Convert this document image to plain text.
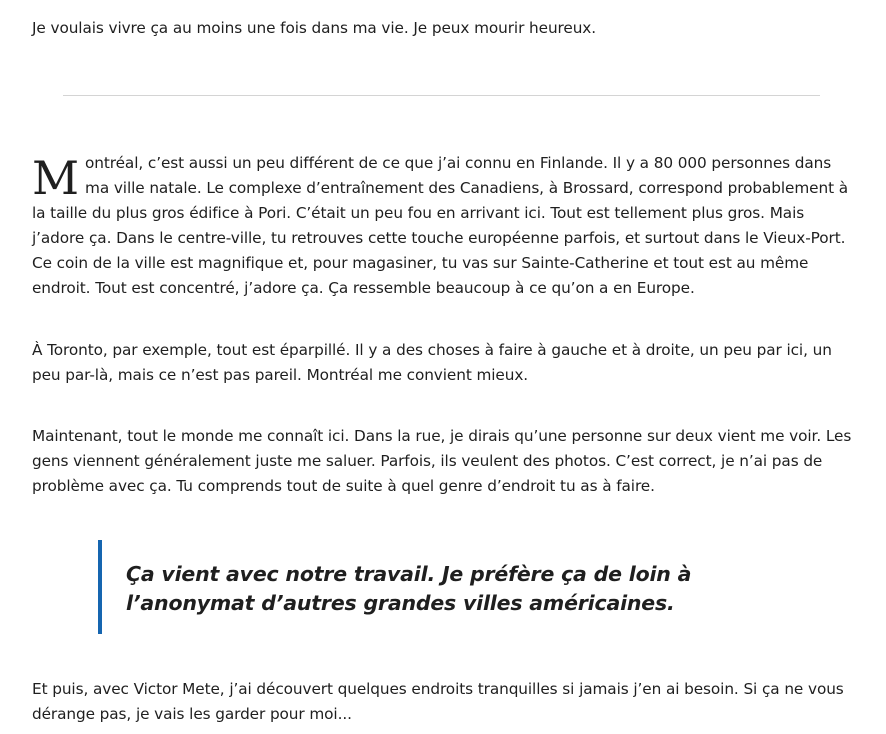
Je voulais vivre ça au moins une fois dans ma vie. Je peux mourir heureux.

Montréal, c’est aussi un peu différent de ce que j’ai connu en Finlande. Il y a 80 000 personnes dans ma ville natale. Le complexe d’entraînement des Canadiens, à Brossard, correspond probablement à la taille du plus gros édifice à Pori. C’était un peu fou en arrivant ici. Tout est tellement plus gros. Mais j’adore ça. Dans le centre-ville, tu retrouves cette touche européenne parfois, et surtout dans le Vieux-Port. Ce coin de la ville est magnifique et, pour magasiner, tu vas sur Sainte-Catherine et tout est au même endroit. Tout est concentré, j’adore ça. Ça ressemble beaucoup à ce qu’on a en Europe.

À Toronto, par exemple, tout est éparpillé. Il y a des choses à faire à gauche et à droite, un peu par ici, un peu par-là, mais ce n’est pas pareil. Montréal me convient mieux.

Maintenant, tout le monde me connaît ici. Dans la rue, je dirais qu’une personne sur deux vient me voir. Les gens viennent généralement juste me saluer. Parfois, ils veulent des photos. C’est correct, je n’ai pas de problème avec ça. Tu comprends tout de suite à quel genre d’endroit tu as à faire.

Ça vient avec notre travail. Je préfère ça de loin à l’anonymat d’autres grandes villes américaines.

Et puis, avec Victor Mete, j’ai découvert quelques endroits tranquilles si jamais j’en ai besoin. Si ça ne vous dérange pas, je vais les garder pour moi...
